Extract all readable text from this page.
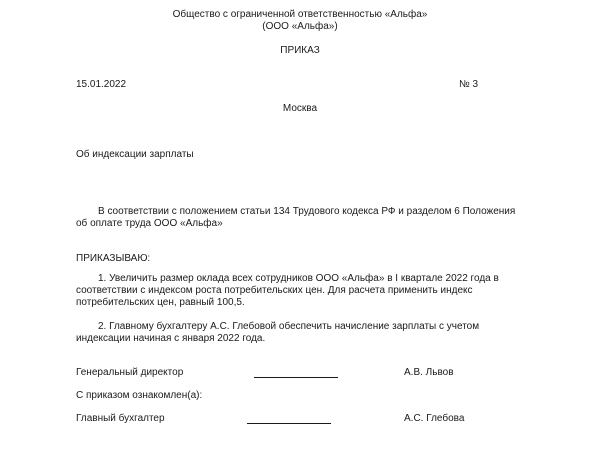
Общество с ограниченной ответственностью «Альфа»
(ООО «Альфа»)
ПРИКАЗ
15.01.2022	№ 3
Москва
Об индексации зарплаты
В соответствии с положением статьи 134 Трудового кодекса РФ и разделом 6 Положения об оплате труда ООО «Альфа»
ПРИКАЗЫВАЮ:
1. Увеличить размер оклада всех сотрудников ООО «Альфа» в I квартале 2022 года в соответствии с индексом роста потребительских цен. Для расчета применить индекс потребительских цен, равный 100,5.
2. Главному бухгалтеру А.С. Глебовой обеспечить начисление зарплаты с учетом индексации начиная с января 2022 года.
Генеральный директор	А.В. Львов
С приказом ознакомлен(а):
Главный бухгалтер	А.С. Глебова
